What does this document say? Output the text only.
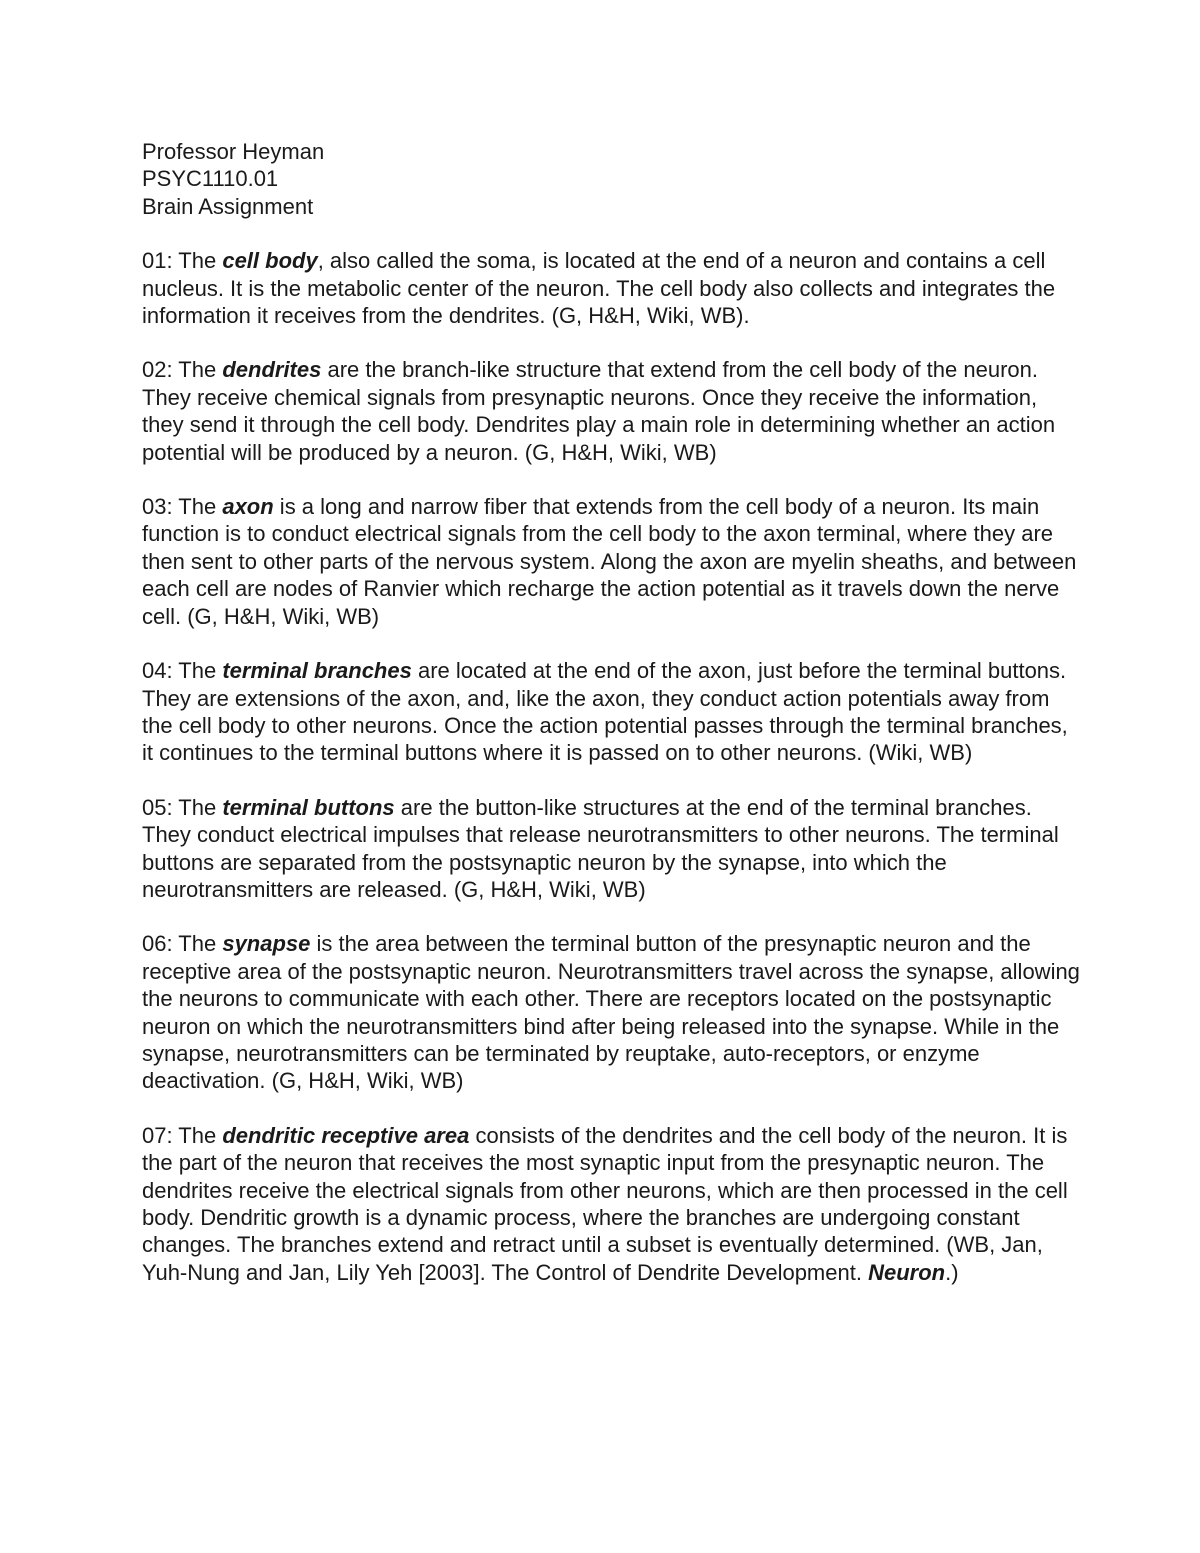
Professor Heyman
PSYC1110.01
Brain Assignment

01: The cell body, also called the soma, is located at the end of a neuron and contains a cell nucleus. It is the metabolic center of the neuron. The cell body also collects and integrates the information it receives from the dendrites. (G, H&H, Wiki, WB).

02: The dendrites are the branch-like structure that extend from the cell body of the neuron. They receive chemical signals from presynaptic neurons. Once they receive the information, they send it through the cell body. Dendrites play a main role in determining whether an action potential will be produced by a neuron. (G, H&H, Wiki, WB)

03: The axon is a long and narrow fiber that extends from the cell body of a neuron. Its main function is to conduct electrical signals from the cell body to the axon terminal, where they are then sent to other parts of the nervous system. Along the axon are myelin sheaths, and between each cell are nodes of Ranvier which recharge the action potential as it travels down the nerve cell. (G, H&H, Wiki, WB)

04: The terminal branches are located at the end of the axon, just before the terminal buttons. They are extensions of the axon, and, like the axon, they conduct action potentials away from the cell body to other neurons. Once the action potential passes through the terminal branches, it continues to the terminal buttons where it is passed on to other neurons. (Wiki, WB)

05: The terminal buttons are the button-like structures at the end of the terminal branches. They conduct electrical impulses that release neurotransmitters to other neurons. The terminal buttons are separated from the postsynaptic neuron by the synapse, into which the neurotransmitters are released. (G, H&H, Wiki, WB)

06: The synapse is the area between the terminal button of the presynaptic neuron and the receptive area of the postsynaptic neuron. Neurotransmitters travel across the synapse, allowing the neurons to communicate with each other. There are receptors located on the postsynaptic neuron on which the neurotransmitters bind after being released into the synapse. While in the synapse, neurotransmitters can be terminated by reuptake, auto-receptors, or enzyme deactivation. (G, H&H, Wiki, WB)

07: The dendritic receptive area consists of the dendrites and the cell body of the neuron. It is the part of the neuron that receives the most synaptic input from the presynaptic neuron. The dendrites receive the electrical signals from other neurons, which are then processed in the cell body. Dendritic growth is a dynamic process, where the branches are undergoing constant changes. The branches extend and retract until a subset is eventually determined. (WB, Jan, Yuh-Nung and Jan, Lily Yeh [2003]. The Control of Dendrite Development. Neuron.)
